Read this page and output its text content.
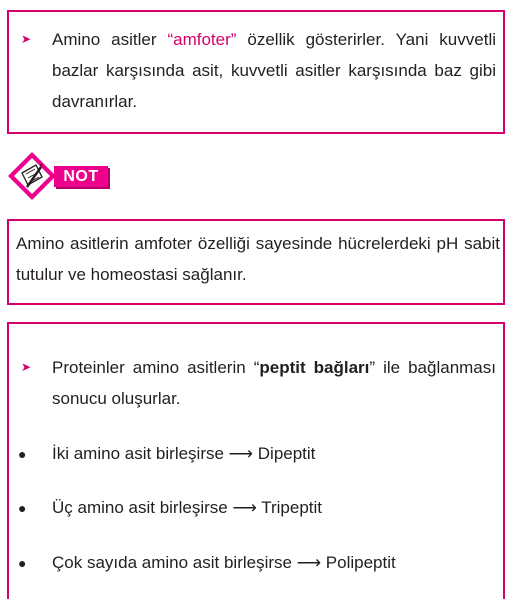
➤ Amino asitler “amfoter” özellik gösterirler. Yani kuvvetli bazlar karşısında asit, kuvvetli asitler karşısında baz gibi davranırlar.
NOT
Amino asitlerin amfoter özelliği sayesinde hücrelerdeki pH sabit tutulur ve homeostasi sağlanır.
➤ Proteinler amino asitlerin “peptit bağları” ile bağlanması sonucu oluşurlar.
● İki amino asit birleşirse ⟶ Dipeptit
● Üç amino asit birleşirse ⟶ Tripeptit
● Çok sayıda amino asit birleşirse ⟶ Polipeptit
